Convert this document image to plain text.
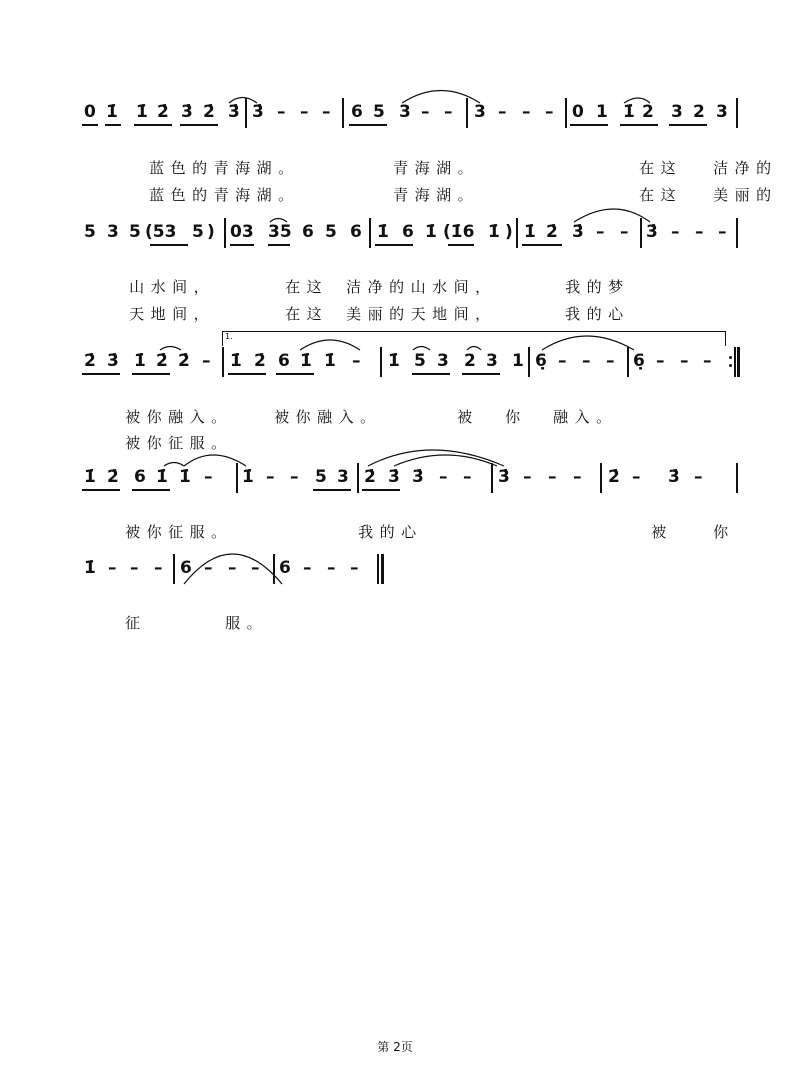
1.
0 1̇ 1̇ 2̇ 3̇ 2̇ 3̇ 3̇ – – – 6 5 3 – – 3 – – – 0 1 1̇ 2 3 2 3

蓝色的青海湖。
	青海湖。
	在这
	洁净的

蓝色的青海湖。
	青海湖。
	在这
	美丽的

5 3 5 (53 5 ) 03 35 6 5 6 1̇ 6 1̇ (1̇6 1̇ ) 1̇ 2̇ 3̇ – – 3̇ – – –

山水间，
	在这
	洁净的山水间，
	我的梦

天地间，
	在这
	美丽的天地间，
	我的心

2̇ 3̇ 1̇ 2̇ 2̇ – 1̇ 2̇ 6 1̇ 1̇ – 1̇ 5 3 2 3 1 6̣ – – – 6̣ – – –

被你融入。
	被你融入。
	被
	你
	融入。

被你征服。

1̇ 2̇ 6 1̇ 1̇ – 1̇ – – 5 3 2̇ 3̇ 3̇ – – 3̇ – – – 2̇ – 3̇ –

被你征服。
	我的心
	被
	你

1̇ – – – 6 – – – 6 – – –

征
	服。

第 2页
